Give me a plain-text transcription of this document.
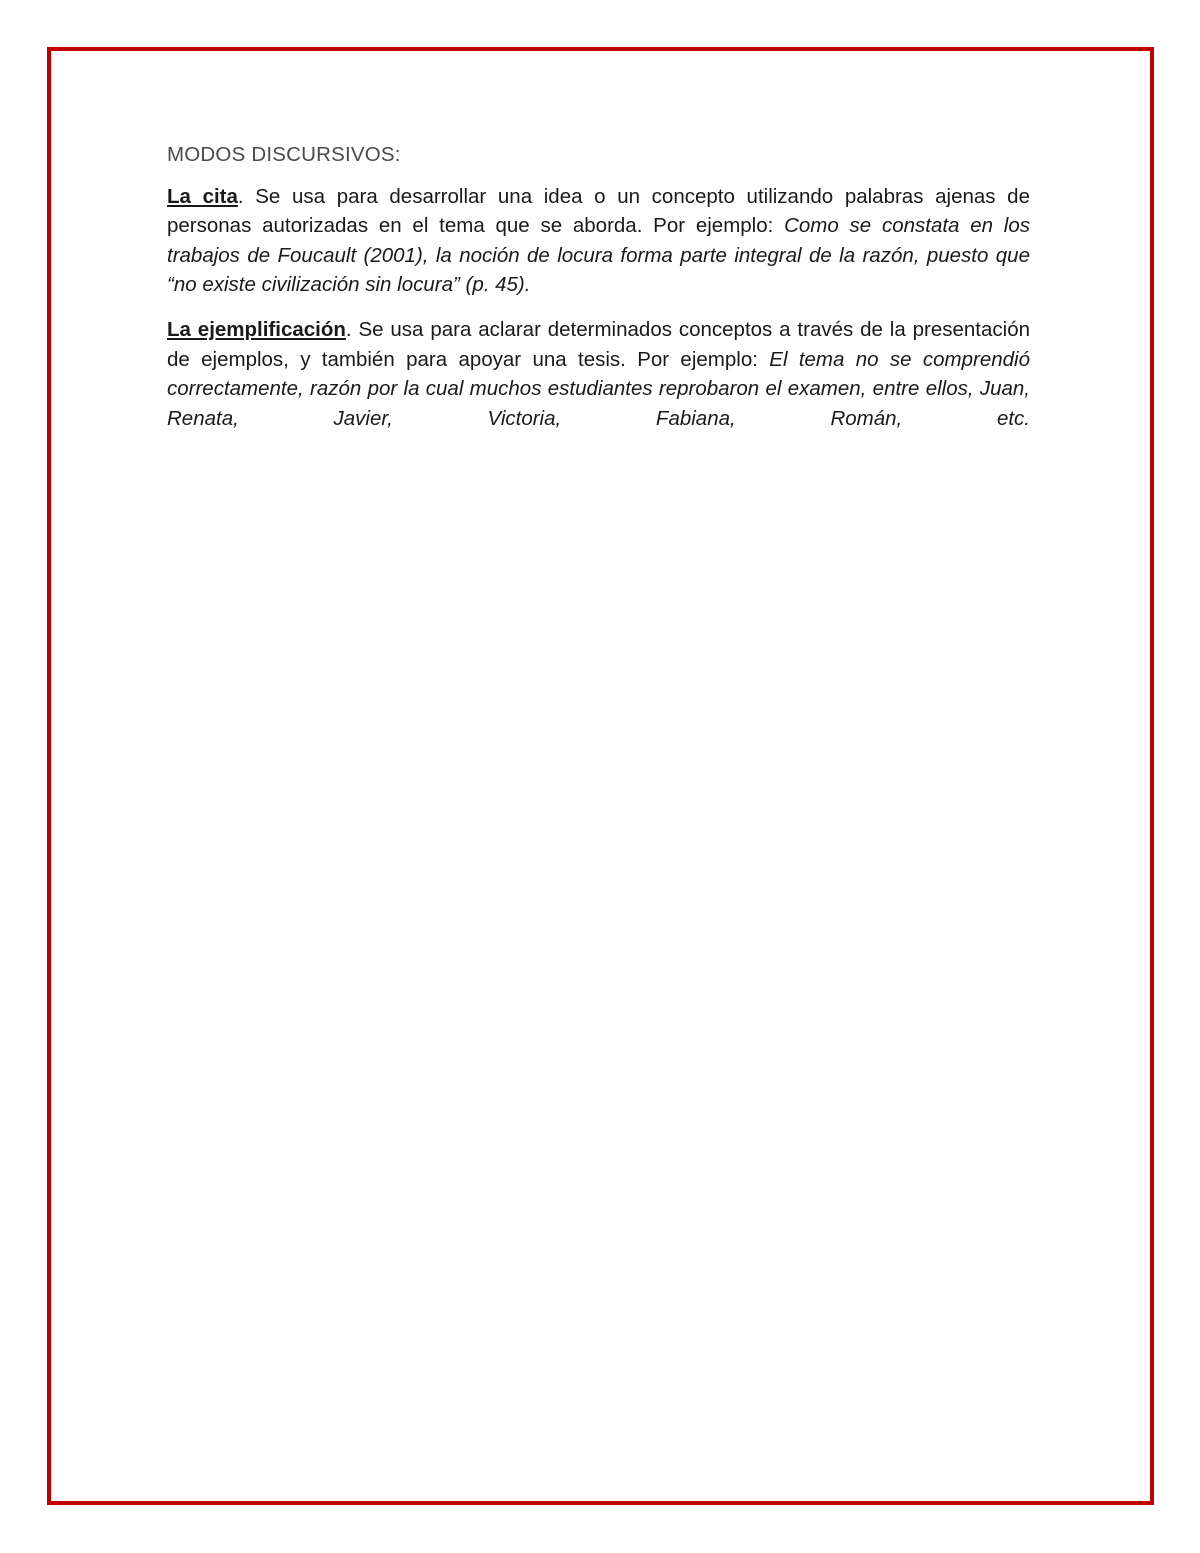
MODOS DISCURSIVOS:

La cita. Se usa para desarrollar una idea o un concepto utilizando palabras ajenas de personas autorizadas en el tema que se aborda. Por ejemplo: Como se constata en los trabajos de Foucault (2001), la noción de locura forma parte integral de la razón, puesto que “no existe civilización sin locura” (p. 45).

La ejemplificación. Se usa para aclarar determinados conceptos a través de la presentación de ejemplos, y también para apoyar una tesis. Por ejemplo: El tema no se comprendió correctamente, razón por la cual muchos estudiantes reprobaron el examen, entre ellos, Juan, Renata, Javier, Victoria, Fabiana, Román, etc.
